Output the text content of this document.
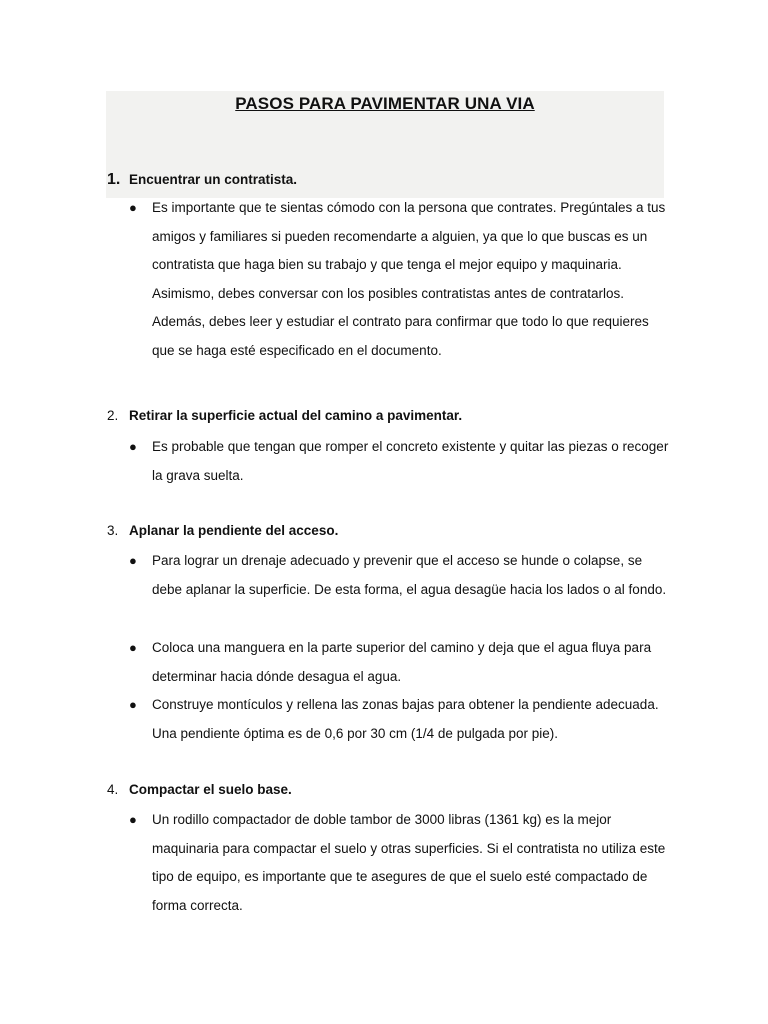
PASOS PARA PAVIMENTAR UNA VIA
1. Encuentrar un contratista.
●	Es importante que te sientas cómodo con la persona que contrates. Pregúntales a tus amigos y familiares si pueden recomendarte a alguien, ya que lo que buscas es un contratista que haga bien su trabajo y que tenga el mejor equipo y maquinaria. Asimismo, debes conversar con los posibles contratistas antes de contratarlos. Además, debes leer y estudiar el contrato para confirmar que todo lo que requieres que se haga esté especificado en el documento.
2. Retirar la superficie actual del camino a pavimentar.
●	Es probable que tengan que romper el concreto existente y quitar las piezas o recoger la grava suelta.
3. Aplanar la pendiente del acceso.
●	Para lograr un drenaje adecuado y prevenir que el acceso se hunde o colapse, se debe aplanar la superficie. De esta forma, el agua desagüe hacia los lados o al fondo.
●	Coloca una manguera en la parte superior del camino y deja que el agua fluya para determinar hacia dónde desagua el agua.
●	Construye montículos y rellena las zonas bajas para obtener la pendiente adecuada. Una pendiente óptima es de 0,6 por 30 cm (1/4 de pulgada por pie).
4. Compactar el suelo base.
●	Un rodillo compactador de doble tambor de 3000 libras (1361 kg) es la mejor maquinaria para compactar el suelo y otras superficies. Si el contratista no utiliza este tipo de equipo, es importante que te asegures de que el suelo esté compactado de forma correcta.
